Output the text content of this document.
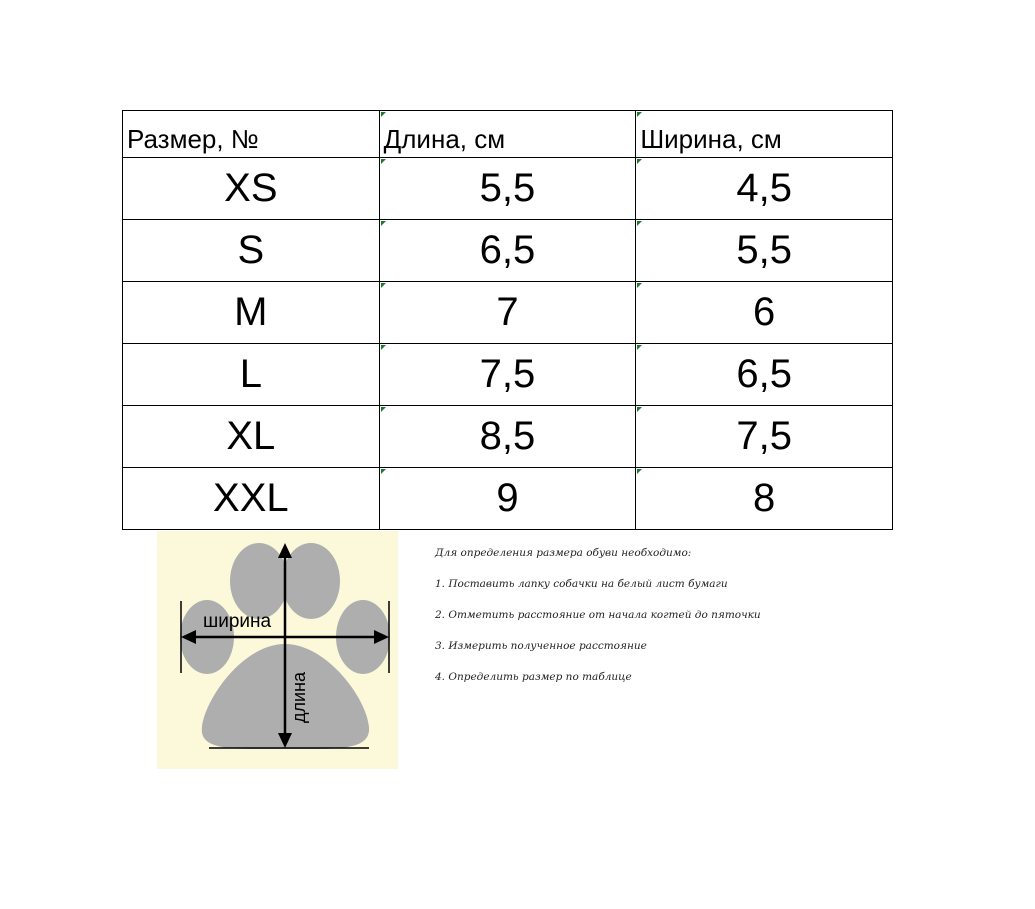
Размер, №	Длина, см	Ширина, см
XS	5,5	4,5
S	6,5	5,5
M	7	6
L	7,5	6,5
XL	8,5	7,5
XXL	9	8
ширина
длина
Для определения размера обуви необходимо:
1. Поставить лапку собачки на белый лист бумаги
2. Отметить расстояние от начала когтей до пяточки
3. Измерить полученное расстояние
4. Определить размер по таблице
